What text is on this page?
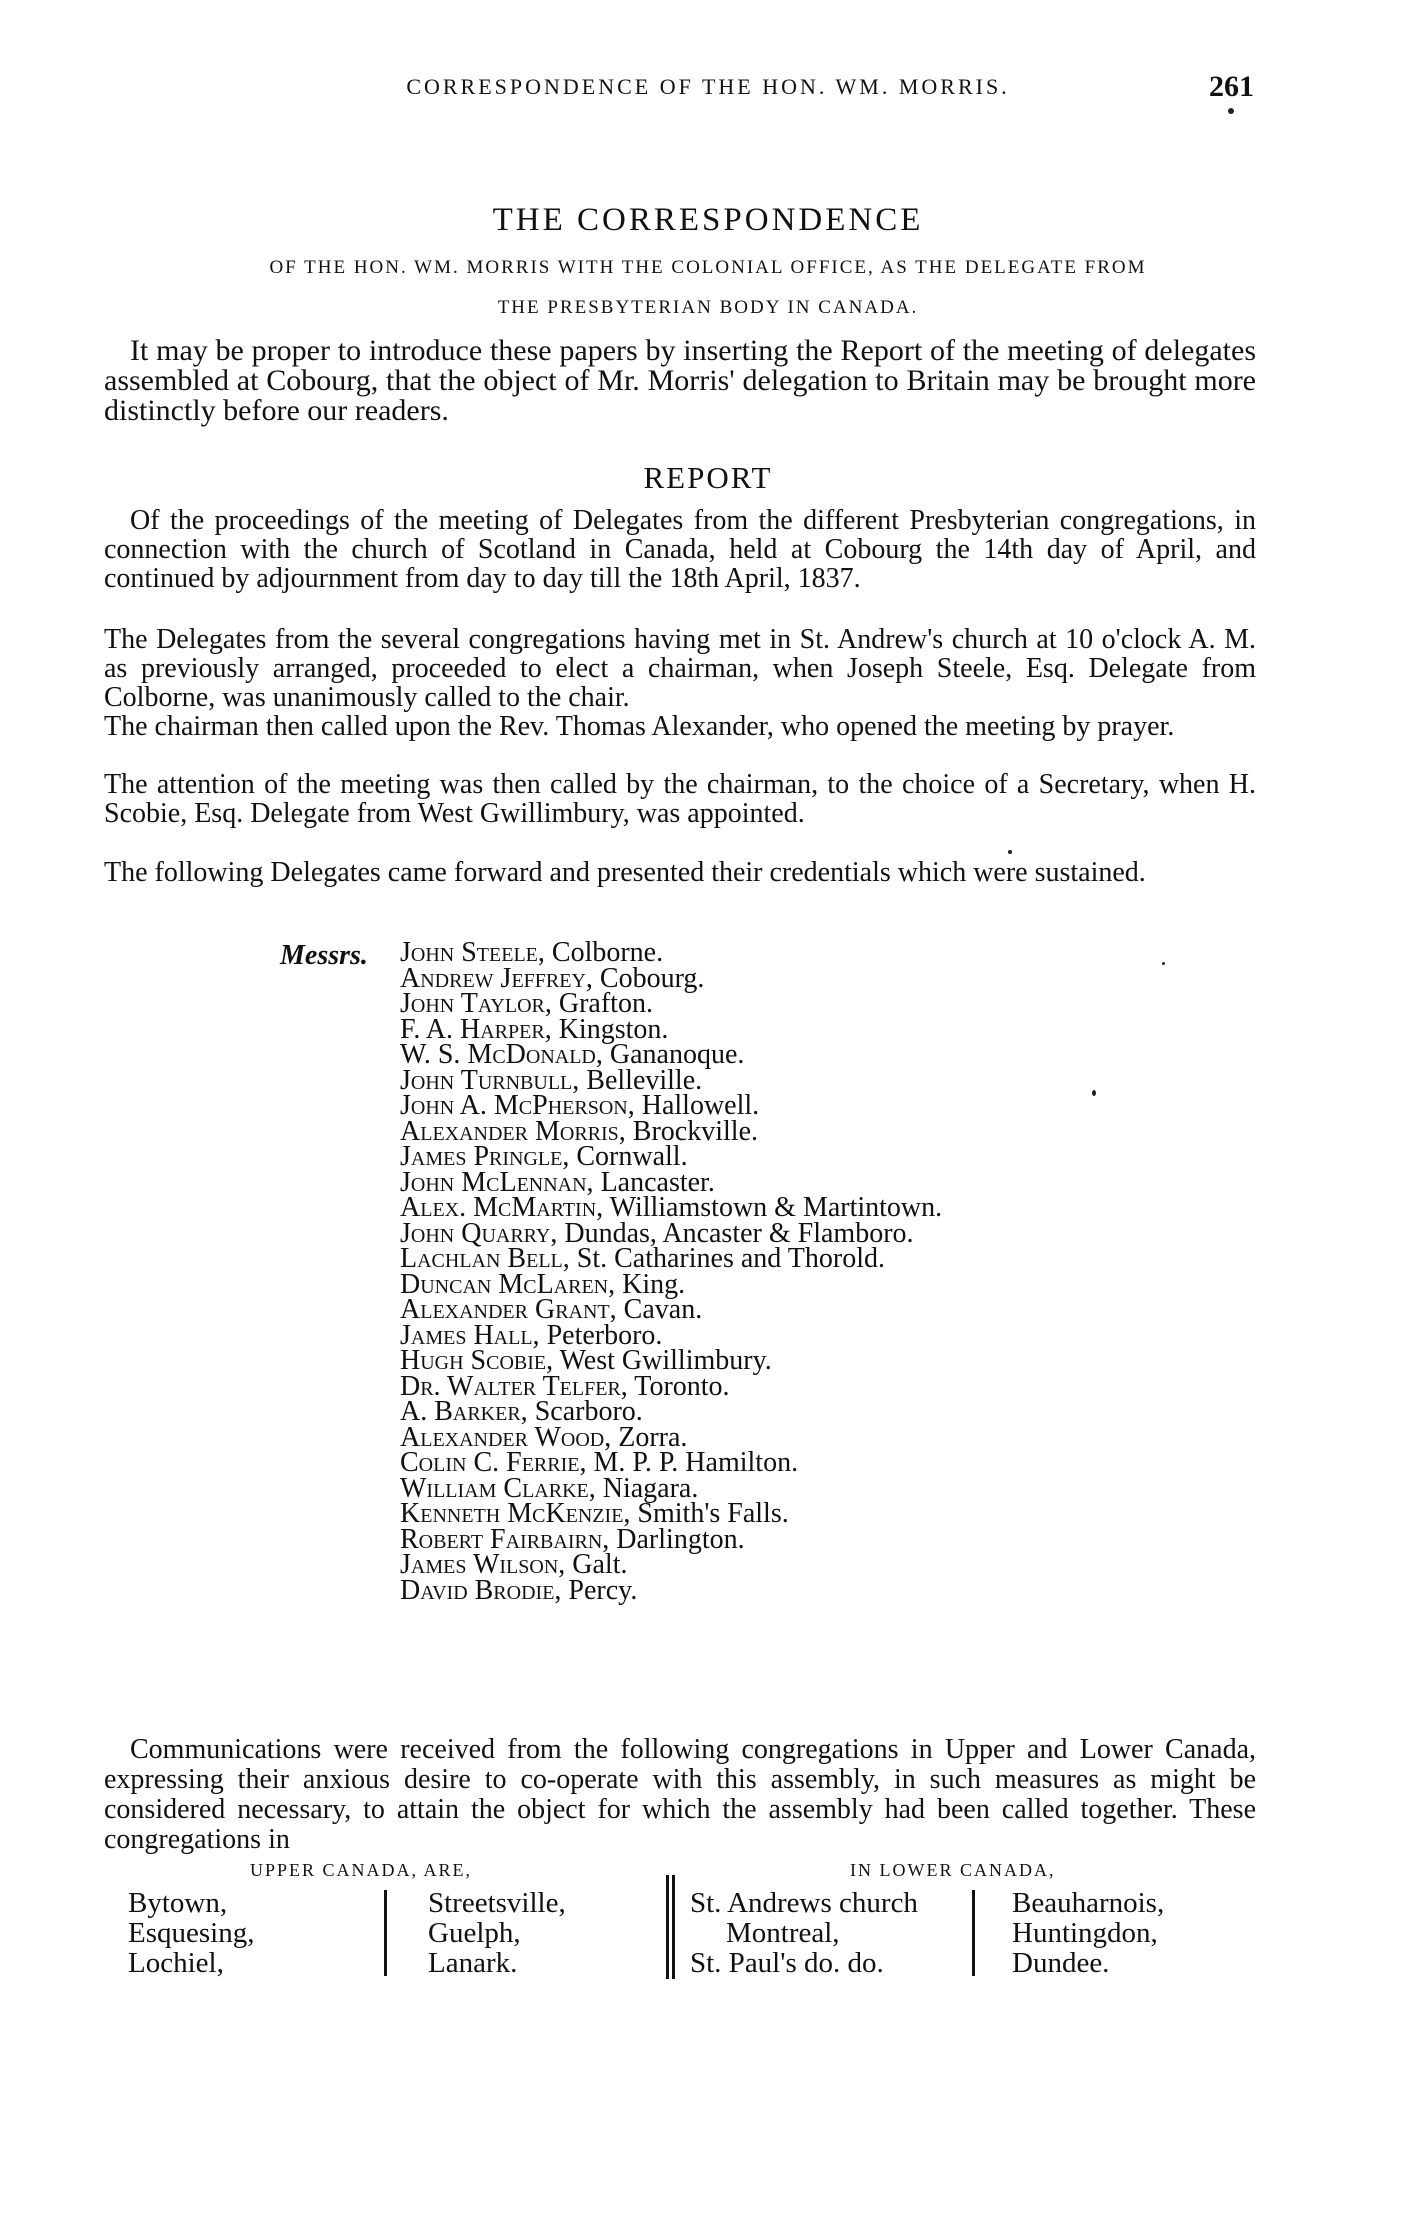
CORRESPONDENCE OF THE HON. WM. MORRIS.	261
THE CORRESPONDENCE
OF THE HON. WM. MORRIS WITH THE COLONIAL OFFICE, AS THE DELEGATE FROM
THE PRESBYTERIAN BODY IN CANADA.
It may be proper to introduce these papers by inserting the Report of the meeting of delegates assembled at Cobourg, that the object of Mr. Morris' delegation to Britain may be brought more distinctly before our readers.
REPORT
Of the proceedings of the meeting of Delegates from the different Presbyterian congregations, in connection with the church of Scotland in Canada, held at Cobourg the 14th day of April, and continued by adjournment from day to day till the 18th April, 1837.
The Delegates from the several congregations having met in St. Andrew's church at 10 o'clock A. M. as previously arranged, proceeded to elect a chairman, when Joseph Steele, Esq. Delegate from Colborne, was unanimously called to the chair.
The chairman then called upon the Rev. Thomas Alexander, who opened the meeting by prayer.
The attention of the meeting was then called by the chairman, to the choice of a Secretary, when H. Scobie, Esq. Delegate from West Gwillimbury, was appointed.
The following Delegates came forward and presented their credentials which were sustained.
Messrs. John Steele, Colborne.
Andrew Jeffrey, Cobourg.
John Taylor, Grafton.
F. A. Harper, Kingston.
W. S. McDonald, Gananoque.
John Turnbull, Belleville.
John A. McPherson, Hallowell.
Alexander Morris, Brockville.
James Pringle, Cornwall.
John McLennan, Lancaster.
Alex. McMartin, Williamstown & Martintown.
John Quarry, Dundas, Ancaster & Flamboro.
Lachlan Bell, St. Catharines and Thorold.
Duncan McLaren, King.
Alexander Grant, Cavan.
James Hall, Peterboro.
Hugh Scobie, West Gwillimbury.
Dr. Walter Telfer, Toronto.
A. Barker, Scarboro.
Alexander Wood, Zorra.
Colin C. Ferrie, M. P. P. Hamilton.
William Clarke, Niagara.
Kenneth McKenzie, Smith's Falls.
Robert Fairbairn, Darlington.
James Wilson, Galt.
David Brodie, Percy.
Communications were received from the following congregations in Upper and Lower Canada, expressing their anxious desire to co-operate with this assembly, in such measures as might be considered necessary, to attain the object for which the assembly had been called together. These congregations in
UPPER CANADA, ARE,	IN LOWER CANADA,
Bytown,
Esquesing,
Lochiel,
Streetsville,
Guelph,
Lanark.
St. Andrews church
Montreal,
St. Paul's do. do.
Beauharnois,
Huntingdon,
Dundee.
